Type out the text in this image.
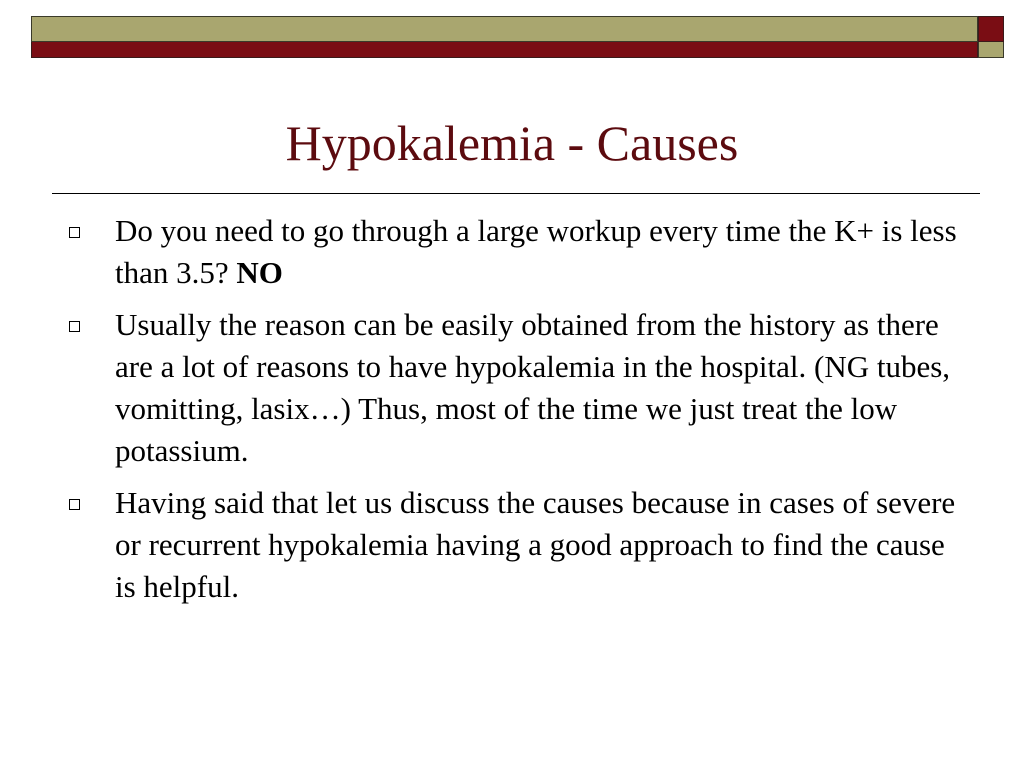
Hypokalemia - Causes
Do you need to go through a large workup every time the K+ is less than 3.5? NO
Usually the reason can be easily obtained from the history as there are a lot of reasons to have hypokalemia in the hospital. (NG tubes, vomitting, lasix…) Thus, most of the time we just treat the low potassium.
Having said that let us discuss the causes because in cases of severe or recurrent hypokalemia having a good approach to find the cause is helpful.
